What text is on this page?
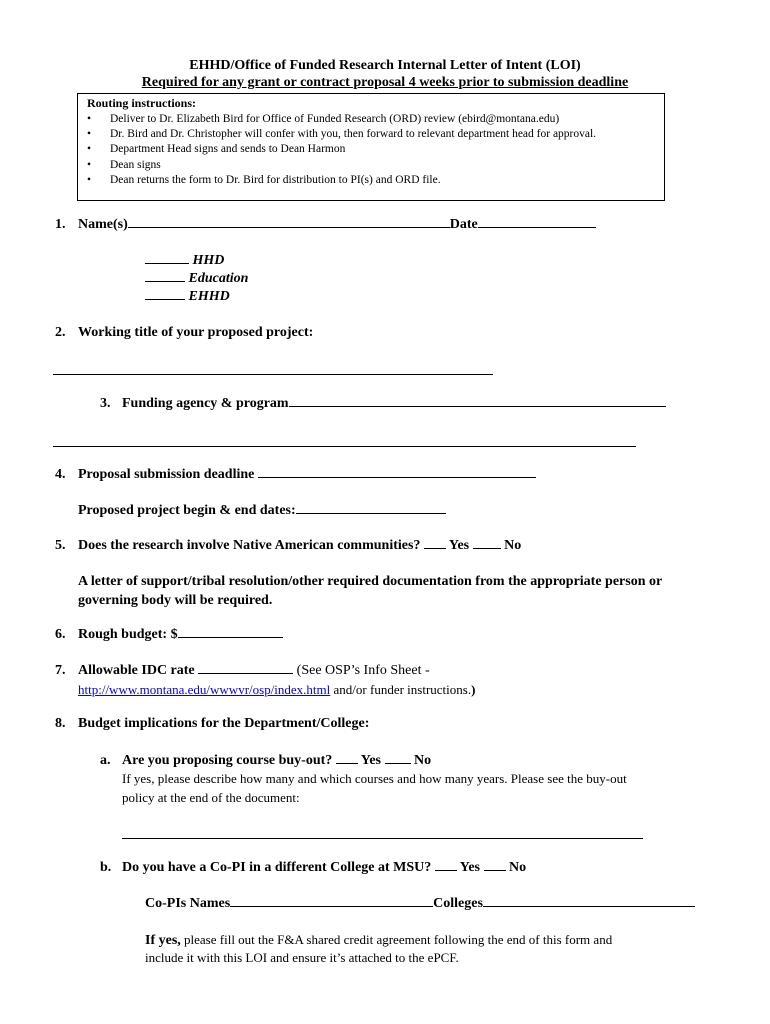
EHHD/Office of Funded Research Internal Letter of Intent (LOI)
Required for any grant or contract proposal 4 weeks prior to submission deadline
Routing instructions:
• Deliver to Dr. Elizabeth Bird for Office of Funded Research (ORD) review (ebird@montana.edu)
• Dr. Bird and Dr. Christopher will confer with you, then forward to relevant department head for approval.
• Department Head signs and sends to Dean Harmon
• Dean signs
• Dean returns the form to Dr. Bird for distribution to PI(s) and ORD file.
1. Name(s)	Date
HHD
Education
EHHD
2. Working title of your proposed project:
3. Funding agency & program
4. Proposal submission deadline
Proposed project begin & end dates:
5. Does the research involve Native American communities? Yes	No
A letter of support/tribal resolution/other required documentation from the appropriate person or
governing body will be required.
6. Rough budget: $
7. Allowable IDC rate	(See OSP’s Info Sheet -
http://www.montana.edu/wwwvr/osp/index.html and/or funder instructions.)
8. Budget implications for the Department/College:
a. Are you proposing course buy-out? Yes No
If yes, please describe how many and which courses and how many years. Please see the buy-out
policy at the end of the document:
b. Do you have a Co-PI in a different College at MSU? Yes No
Co-PIs Names	Colleges
If yes, please fill out the F&A shared credit agreement following the end of this form and
include it with this LOI and ensure it’s attached to the ePCF.
